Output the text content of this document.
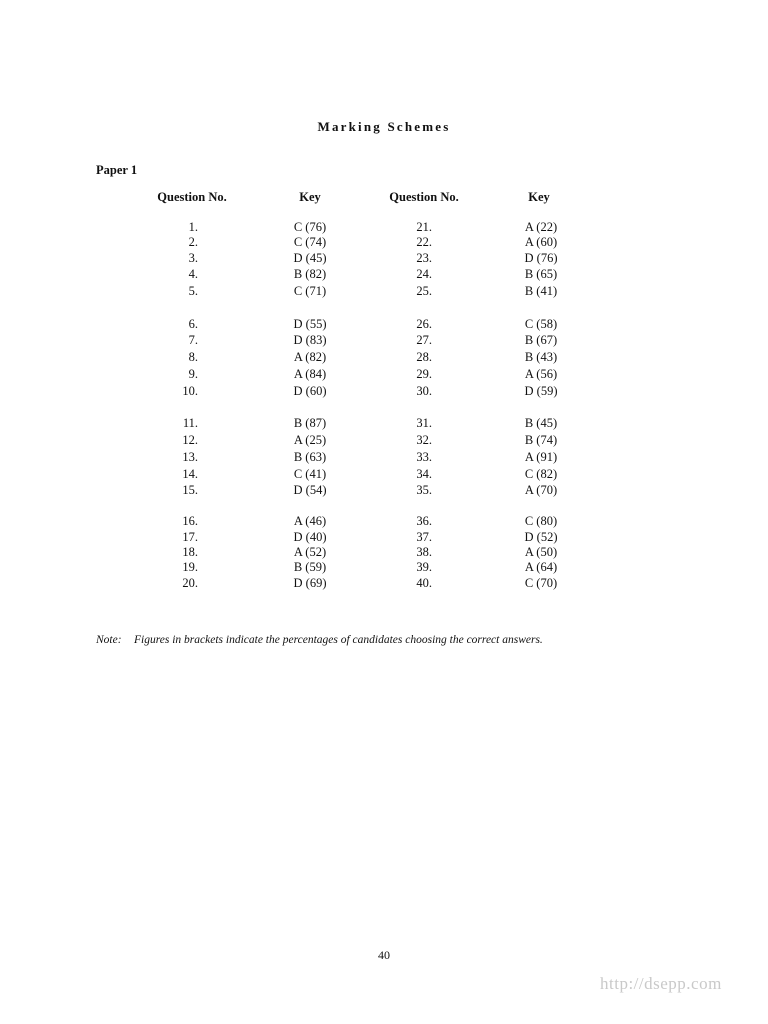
Marking Schemes
Paper 1
Question No.	Key	Question No.	Key
1.	C (76)	21.	A (22)
2.	C (74)	22.	A (60)
3.	D (45)	23.	D (76)
4.	B (82)	24.	B (65)
5.	C (71)	25.	B (41)
6.	D (55)	26.	C (58)
7.	D (83)	27.	B (67)
8.	A (82)	28.	B (43)
9.	A (84)	29.	A (56)
10.	D (60)	30.	D (59)
11.	B (87)	31.	B (45)
12.	A (25)	32.	B (74)
13.	B (63)	33.	A (91)
14.	C (41)	34.	C (82)
15.	D (54)	35.	A (70)
16.	A (46)	36.	C (80)
17.	D (40)	37.	D (52)
18.	A (52)	38.	A (50)
19.	B (59)	39.	A (64)
20.	D (69)	40.	C (70)
Note: Figures in brackets indicate the percentages of candidates choosing the correct answers.
40
http://dsepp.com
